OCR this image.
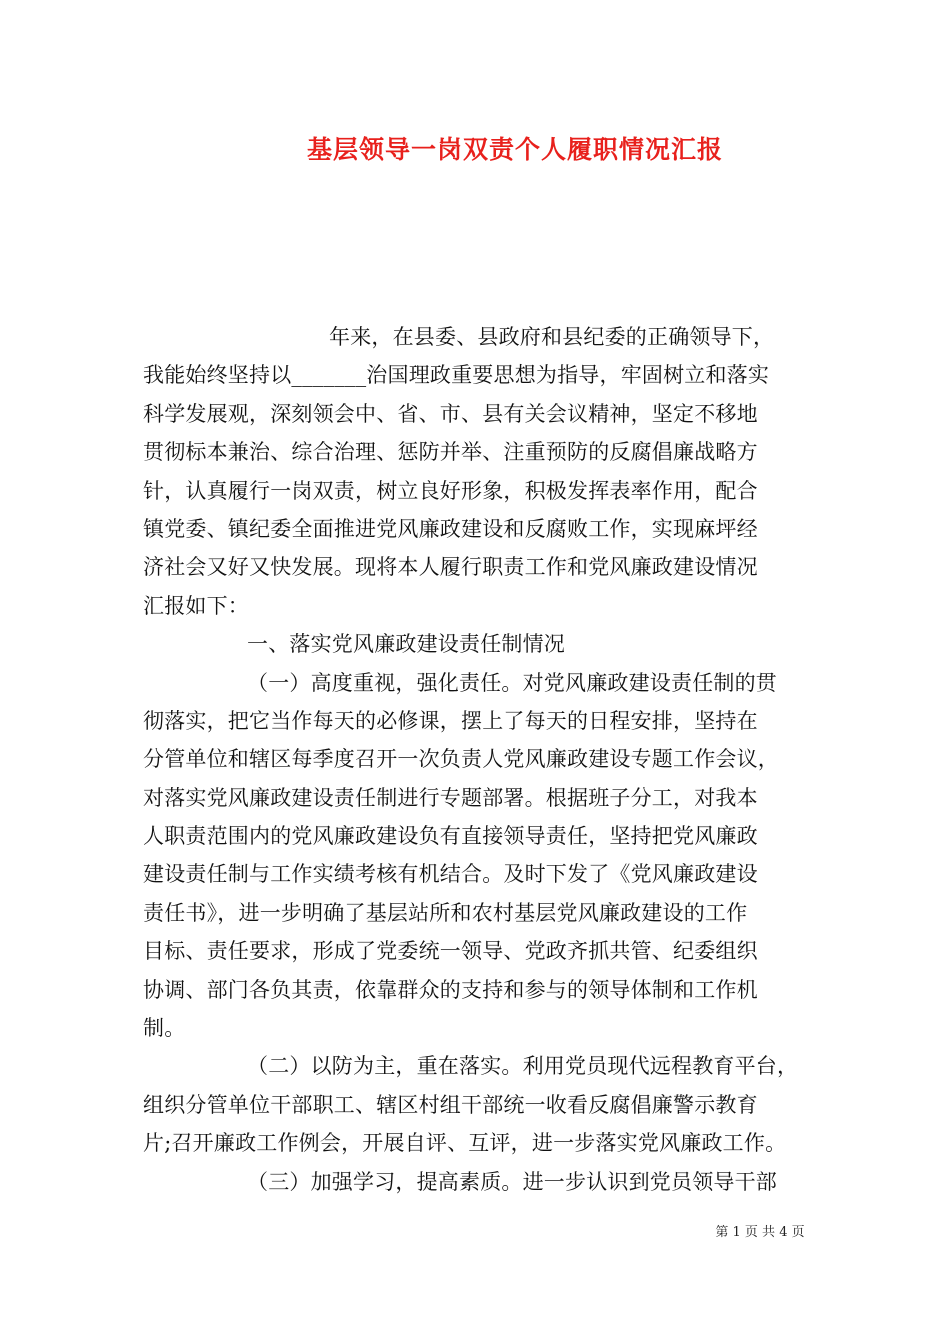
基层领导一岗双责个人履职情况汇报
年来，在县委、县政府和县纪委的正确领导下，
我能始终坚持以_______治国理政重要思想为指导，牢固树立和落实
科学发展观，深刻领会中、省、市、县有关会议精神，坚定不移地
贯彻标本兼治、综合治理、惩防并举、注重预防的反腐倡廉战略方
针，认真履行一岗双责，树立良好形象，积极发挥表率作用，配合
镇党委、镇纪委全面推进党风廉政建设和反腐败工作，实现麻坪经
济社会又好又快发展。现将本人履行职责工作和党风廉政建设情况
汇报如下：
一、落实党风廉政建设责任制情况
（一）高度重视，强化责任。对党风廉政建设责任制的贯
彻落实，把它当作每天的必修课，摆上了每天的日程安排，坚持在
分管单位和辖区每季度召开一次负责人党风廉政建设专题工作会议，
对落实党风廉政建设责任制进行专题部署。根据班子分工，对我本
人职责范围内的党风廉政建设负有直接领导责任，坚持把党风廉政
建设责任制与工作实绩考核有机结合。及时下发了《党风廉政建设
责任书》，进一步明确了基层站所和农村基层党风廉政建设的工作
目标、责任要求，形成了党委统一领导、党政齐抓共管、纪委组织
协调、部门各负其责，依靠群众的支持和参与的领导体制和工作机
制。
（二）以防为主，重在落实。利用党员现代远程教育平台，
组织分管单位干部职工、辖区村组干部统一收看反腐倡廉警示教育
片;召开廉政工作例会，开展自评、互评，进一步落实党风廉政工作。
（三）加强学习，提高素质。进一步认识到党员领导干部
第 1 页 共 4 页
